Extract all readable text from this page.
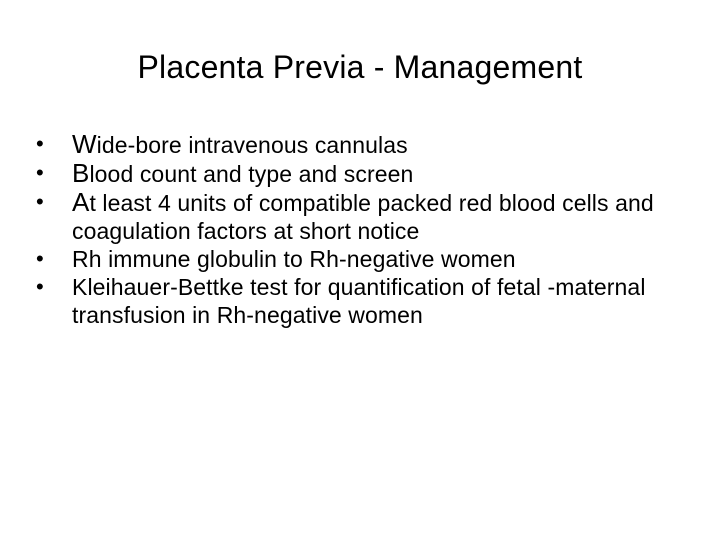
Placenta Previa - Management
•	Wide-bore intravenous cannulas
•	Blood count and type and screen
•	At least 4 units of compatible packed red blood cells and coagulation factors at short notice
•	Rh immune globulin to Rh-negative women
•	Kleihauer-Bettke test for quantification of fetal -maternal transfusion in Rh-negative women
